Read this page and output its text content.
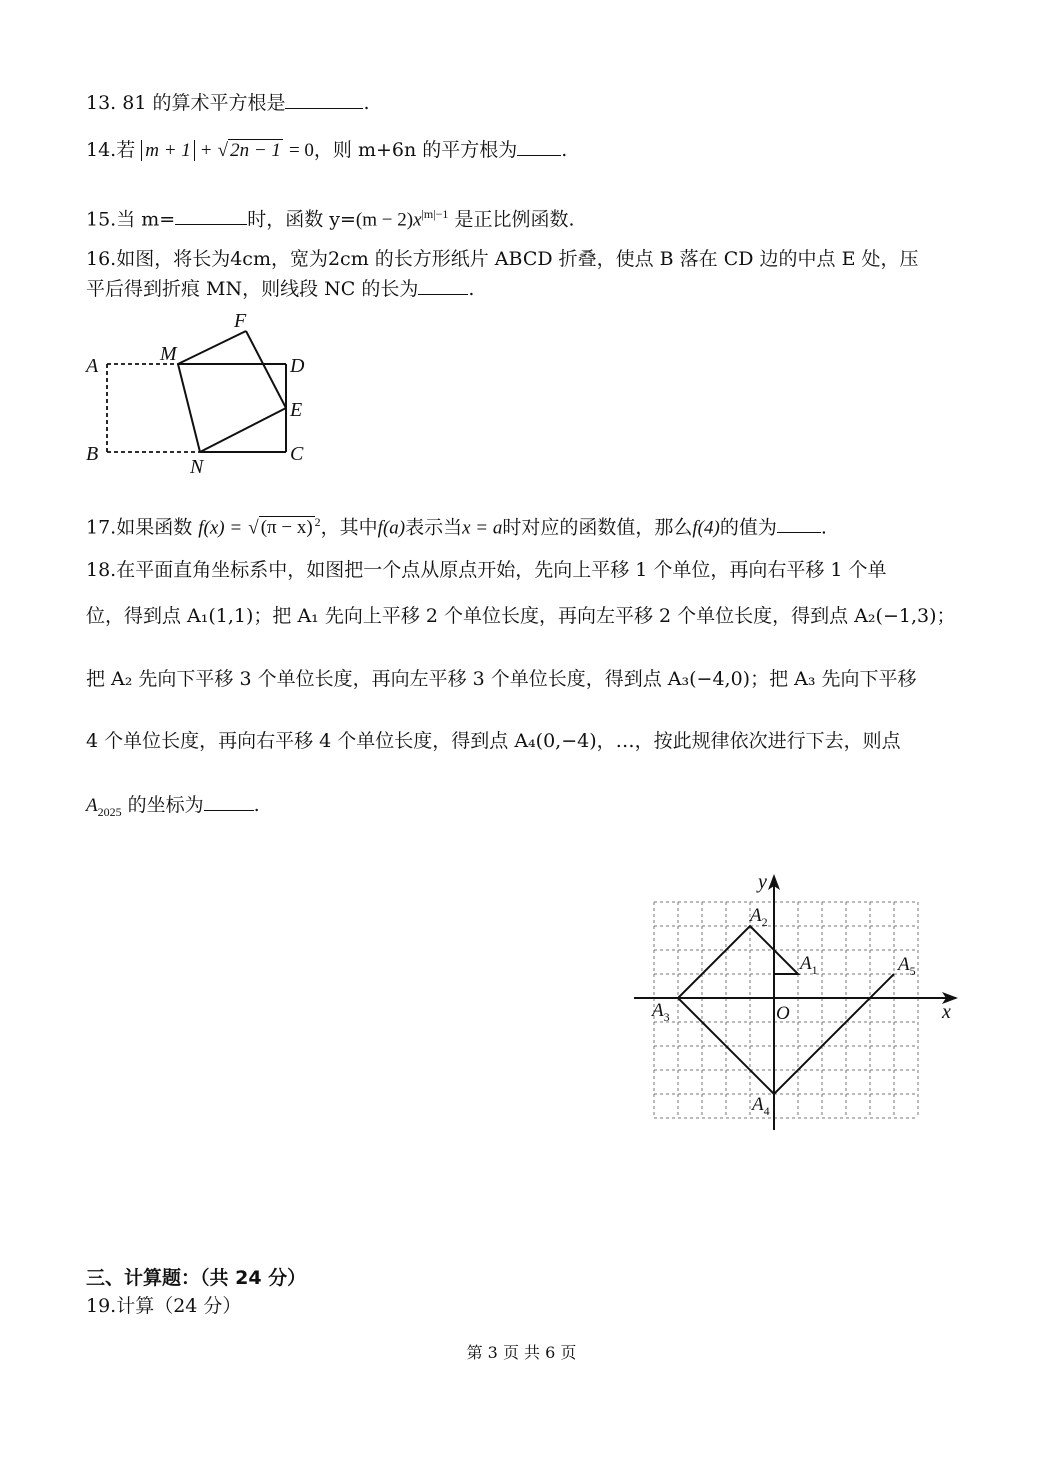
13. 81 的算术平方根是	.
14.若 m + 1 + √ 2n − 1 = 0，则 m+6n 的平方根为 .
15.当 m=	时，函数 $y=(m - 2)x^{|m|-1}$ 是正比例函数.
16.如图，将长为4cm，宽为2cm 的长方形纸片 ABCD 折叠，使点 B 落在 CD 边的中点 E 处，压
平后得到折痕 MN，则线段 NC 的长为	.
A
B	C
D
E
F
M
N
17.如果函数 f(x) = √ (π − x) $^2$，其中f(a)表示当x = a时对应的函数值，那么f(4)的值为 .
18.在平面直角坐标系中，如图把一个点从原点开始，先向上平移 1 个单位，再向右平移 1 个单
位，得到点 A₁(1,1)；把 A₁ 先向上平移 2 个单位长度，再向左平移 2 个单位长度，得到点 A₂(−1,3)；
把 A₂ 先向下平移 3 个单位长度，再向左平移 3 个单位长度，得到点 A₃(−4,0)；把 A₃ 先向下平移
4 个单位长度，再向右平移 4 个单位长度，得到点 A₄(0,−4)，…，按此规律依次进行下去，则点
$A_{2025}$ 的坐标为	.
x
y
O
$A_1$
$A_2$
$A_3$
$A_4$
$A_5$
三、计算题：（共 24 分）
19.计算（24 分）
第 3 页 共 6 页
